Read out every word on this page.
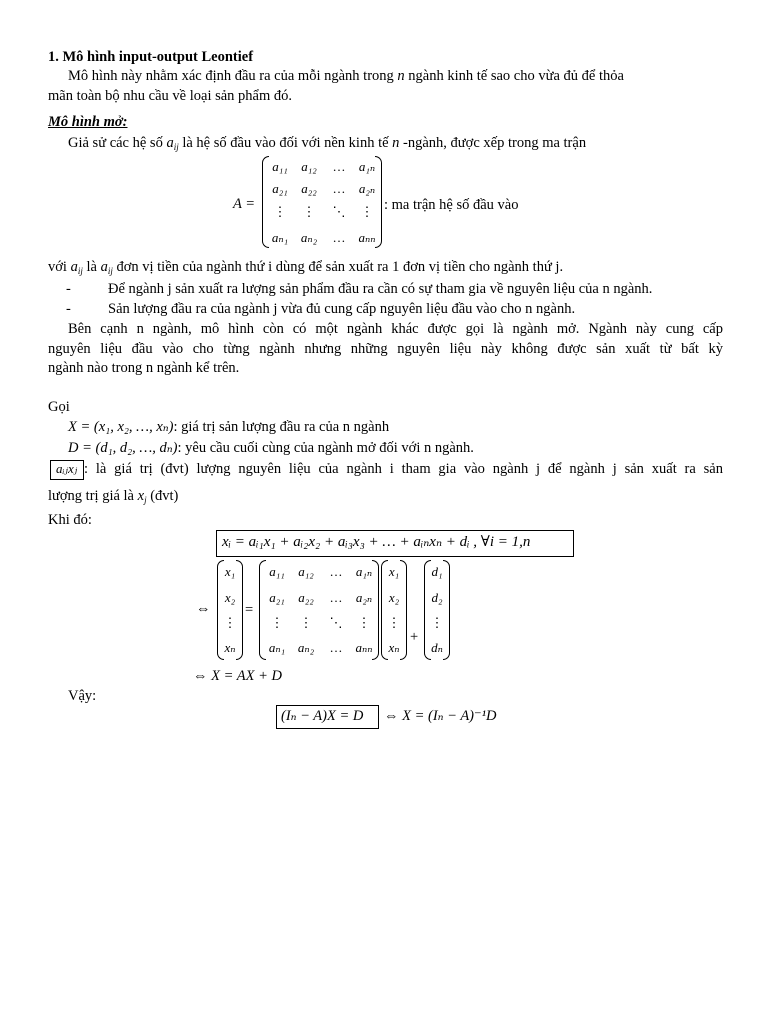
1. Mô hình input-output Leontief
Mô hình này nhằm xác định đầu ra của mỗi ngành trong n ngành kinh tế sao cho vừa đủ để thỏa
mãn toàn bộ nhu cầu về loại sản phẩm đó.
Mô hình mở:
Giả sử các hệ số $a_{ij}$ là hệ số đầu vào đối với nền kinh tế n -ngành, được xếp trong ma trận
A =
a₁₁	a₁₂	…	a₁ₙ
a₂₁	a₂₂	…	a₂ₙ
⋮	⋮	⋱	⋮
aₙ₁ aₙ₂	… aₙₙ
: ma trận hệ số đầu vào
với $a_{ij}$ là $a_{ij}$ đơn vị tiền của ngành thứ i dùng để sản xuất ra 1 đơn vị tiền cho ngành thứ j.
-	Để ngành j sản xuất ra lượng sản phẩm đầu ra cần có sự tham gia về nguyên liệu của n ngành.
-	Sản lượng đầu ra của ngành j vừa đủ cung cấp nguyên liệu đầu vào cho n ngành.
Bên cạnh n ngành, mô hình còn có một ngành khác được gọi là ngành mở. Ngành này cung cấp
nguyên liệu đầu vào cho từng ngành nhưng những nguyên liệu này không được sản xuất từ bất kỳ
ngành nào trong n ngành kể trên.
Gọi
X = (x₁, x₂, …, xₙ): giá trị sản lượng đầu ra của n ngành
D = (d₁, d₂, …, dₙ): yêu cầu cuối cùng của ngành mở đối với n ngành.
aᵢⱼxⱼ : là giá trị (đvt) lượng nguyên liệu của ngành i tham gia vào ngành j để ngành j sản xuất ra sản
lượng trị giá là $x_j$ (đvt)
Khi đó:
xᵢ = aᵢ₁x₁ + aᵢ₂x₂ + aᵢ₃x₃ + … + aᵢₙxₙ + dᵢ , ∀i = 1,n
⇔
x₁
x₂
⋮
xₙ
=
a₁₁	a₁₂	…	a₁ₙ
a₂₁	a₂₂	…	a₂ₙ
⋮	⋮	⋱	⋮
aₙ₁ aₙ₂	… aₙₙ
x₁
x₂
⋮
xₙ
+
d₁
d₂
⋮
dₙ
⇔ X = AX + D
Vậy:
(Iₙ − A)X = D ⇔ X = (Iₙ − A)⁻¹D
